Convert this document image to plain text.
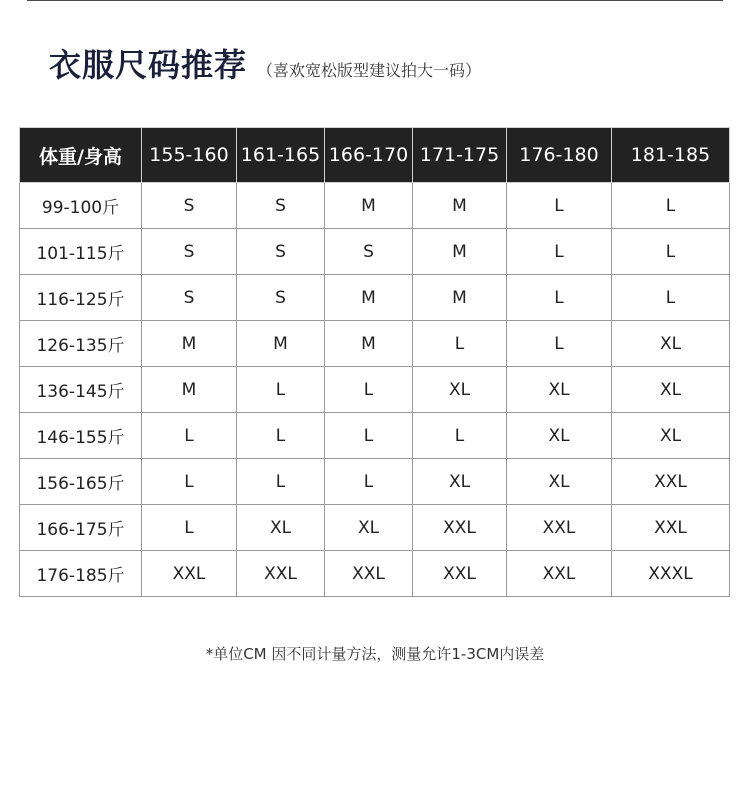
衣服尺码推荐 （喜欢宽松版型建议拍大一码）
体重/身高	155-160	161-165	166-170	171-175	176-180	181-185
99-100斤	S	S	M	M	L	L
101-115斤	S	S	S	M	L	L
116-125斤	S	S	M	M	L	L
126-135斤	M	M	M	L	L	XL
136-145斤	M	L	L	XL	XL	XL
146-155斤	L	L	L	L	XL	XL
156-165斤	L	L	L	XL	XL	XXL
166-175斤	L	XL	XL	XXL	XXL	XXL
176-185斤	XXL	XXL	XXL	XXL	XXL	XXXL
*单位CM 因不同计量方法，测量允许1-3CM内误差
